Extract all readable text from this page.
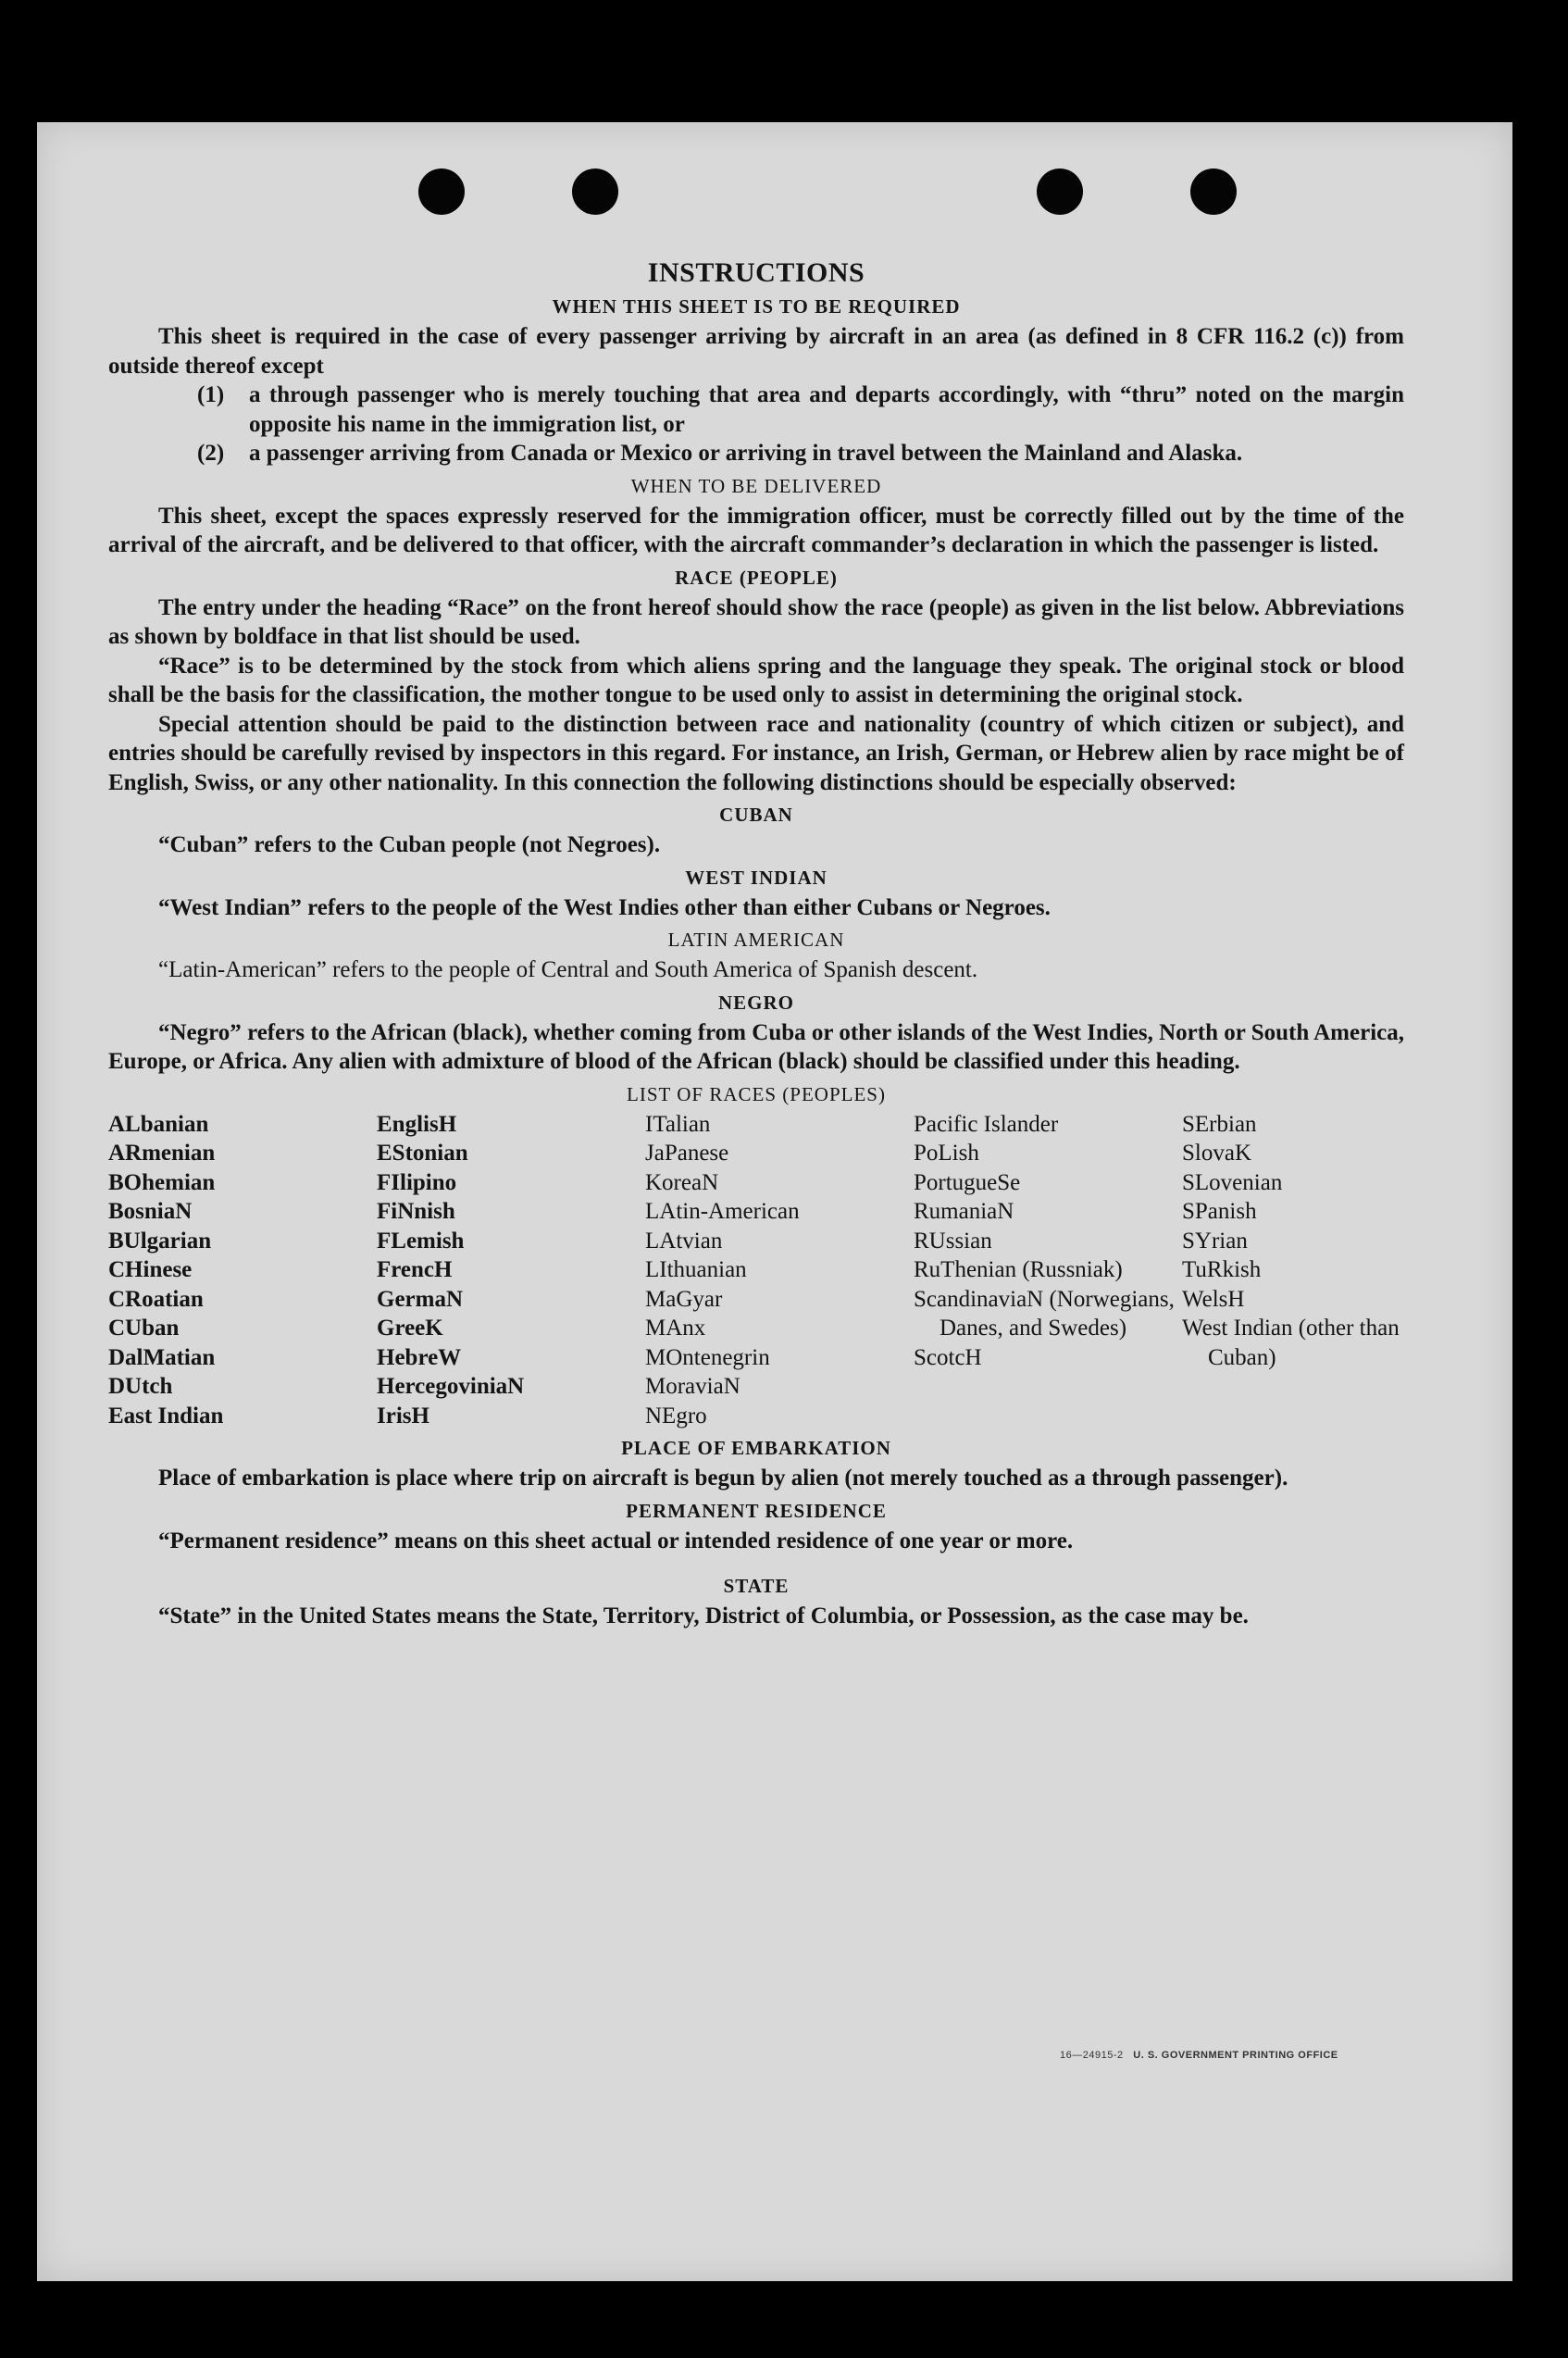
INSTRUCTIONS
WHEN THIS SHEET IS TO BE REQUIRED

This sheet is required in the case of every passenger arriving by aircraft in an area (as defined in 8 CFR 116.2 (c)) from outside thereof except

(1)	a through passenger who is merely touching that area and departs accordingly, with “thru” noted on the margin opposite his name in the immigration list, or
(2)	a passenger arriving from Canada or Mexico or arriving in travel between the Mainland and Alaska.
WHEN TO BE DELIVERED

This sheet, except the spaces expressly reserved for the immigration officer, must be correctly filled out by the time of the arrival of the aircraft, and be delivered to that officer, with the aircraft commander’s declaration in which the passenger is listed.

RACE (PEOPLE)

The entry under the heading “Race” on the front hereof should show the race (people) as given in the list below. Abbreviations as shown by boldface in that list should be used.

“Race” is to be determined by the stock from which aliens spring and the language they speak. The original stock or blood shall be the basis for the classification, the mother tongue to be used only to assist in determining the original stock.

Special attention should be paid to the distinction between race and nationality (country of which citizen or subject), and entries should be carefully revised by inspectors in this regard. For instance, an Irish, German, or Hebrew alien by race might be of English, Swiss, or any other nationality. In this connection the following distinctions should be especially observed:

CUBAN

“Cuban” refers to the Cuban people (not Negroes).

WEST INDIAN

“West Indian” refers to the people of the West Indies other than either Cubans or Negroes.

LATIN AMERICAN

“Latin-American” refers to the people of Central and South America of Spanish descent.

NEGRO

“Negro” refers to the African (black), whether coming from Cuba or other islands of the West Indies, North or South America, Europe, or Africa. Any alien with admixture of blood of the African (black) should be classified under this heading.

LIST OF RACES (PEOPLES)
ALbanian
ARmenian
BOhemian
BosniaN
BUlgarian
CHinese
CRoatian
CUban
DalMatian
DUtch
East Indian
EnglisH
EStonian
FIlipino
FiNnish
FLemish
FrencH
GermaN
GreeK
HebreW
HercegoviniaN
IrisH
ITalian
JaPanese
KoreaN
LAtin-American
LAtvian
LIthuanian
MaGyar
MAnx
MOntenegrin
MoraviaN
NEgro
Pacific Islander
PoLish
PortugueSe
RumaniaN
RUssian
RuThenian (Russniak)
ScandinaviaN (Norwegians, Danes, and Swedes)
ScotcH
SErbian
SlovaK
SLovenian
SPanish
SYrian
TuRkish
WelsH
West Indian (other than Cuban)
PLACE OF EMBARKATION

Place of embarkation is place where trip on aircraft is begun by alien (not merely touched as a through passenger).

PERMANENT RESIDENCE

“Permanent residence” means on this sheet actual or intended residence of one year or more.

STATE

“State” in the United States means the State, Territory, District of Columbia, or Possession, as the case may be.

16—24915-2 U. S. GOVERNMENT PRINTING OFFICE
